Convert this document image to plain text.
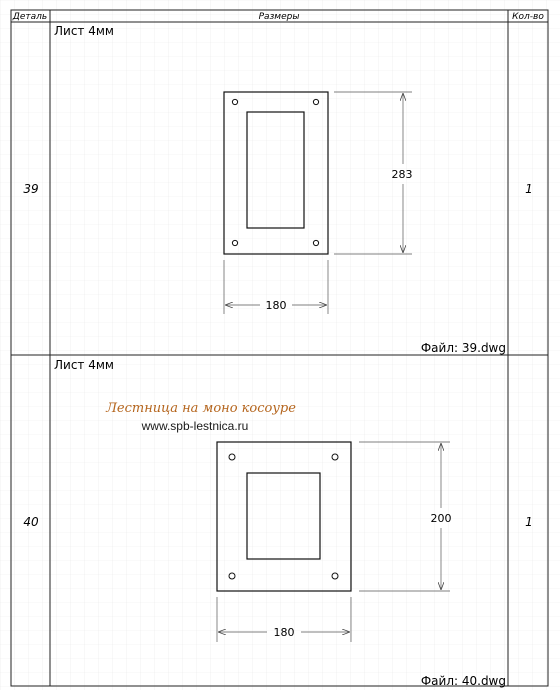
Деталь	Размеры	Кол-во
39
Лист 4мм
1
Файл: 39.dwg
283
180
40
Лист 4мм
1
Файл: 40.dwg
Лестница на моно косоуре
www.spb-lestnica.ru
200
180
